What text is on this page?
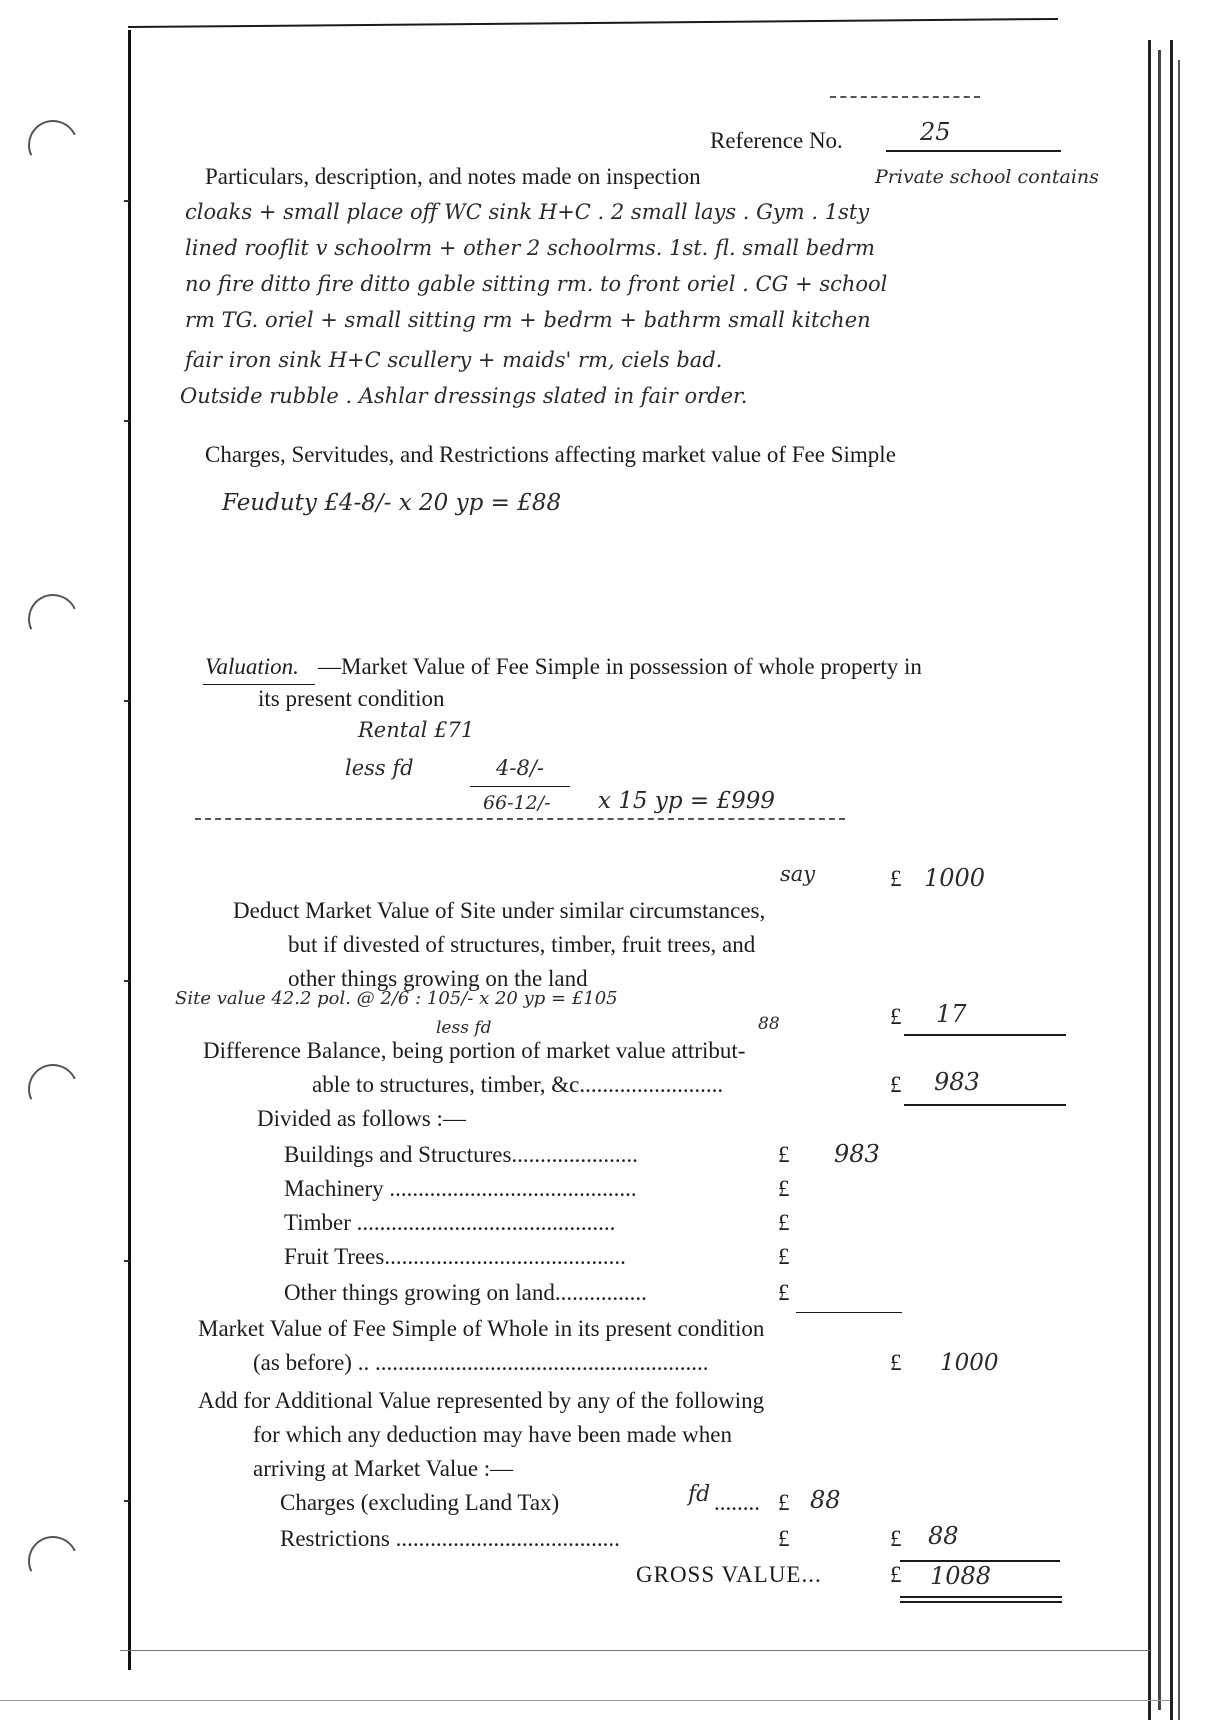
Reference No.	25
Particulars, description, and notes made on inspection	Private school contains
cloaks + small place off WC sink H+C . 2 small lays . Gym . 1sty
lined rooflit v schoolrm + other 2 schoolrms. 1st. fl. small bedrm
no fire ditto fire ditto gable sitting rm. to front oriel . CG + school
rm TG. oriel + small sitting rm + bedrm + bathrm small kitchen
fair iron sink H+C scullery + maids' rm, ciels bad.
Outside rubble . Ashlar dressings slated in fair order.
Charges, Servitudes, and Restrictions affecting market value of Fee Simple
Feuduty £4-8/- x 20 yp = £88
Valuation. —Market Value of Fee Simple in possession of whole property in
its present condition
Rental £71
less fd	4-8/-
66-12/- x 15 yp = £999
say	£ 1000
Deduct Market Value of Site under similar circumstances,
but if divested of structures, timber, fruit trees, and
other things growing on the land
Site value 42.2 pol. @ 2/6 : 105/- x 20 yp = £105
less fd	88	£ 17
Difference Balance, being portion of market value attribut-
able to structures, timber, &c.........................	£ 983
Divided as follows :—
Buildings and Structures......................	£ 983
Machinery ...........................................	£
Timber .............................................	£
Fruit Trees..........................................	£
Other things growing on land................	£
Market Value of Fee Simple of Whole in its present condition
(as before) .. ..........................................................	£ 1000
Add for Additional Value represented by any of the following
for which any deduction may have been made when
arriving at Market Value :—
Charges (excluding Land Tax)	fd ........ £ 88
Restrictions .......................................	£	£ 88
GROSS VALUE...	£ 1088
